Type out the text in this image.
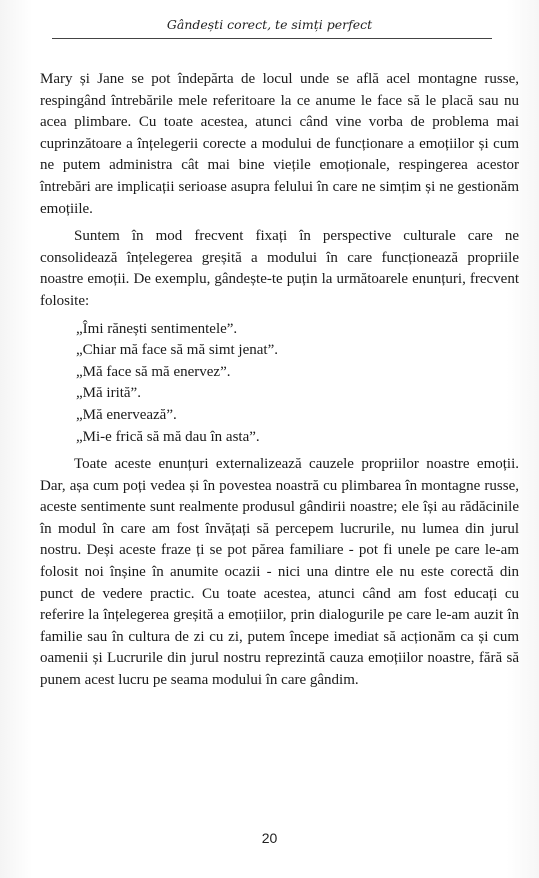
Gândești corect, te simți perfect

Mary și Jane se pot îndepărta de locul unde se află acel montagne russe, respingând întrebările mele referitoare la ce anume le face să le placă sau nu acea plimbare. Cu toate acestea, atunci când vine vorba de problema mai cuprinzătoare a înțelegerii corecte a modului de funcționare a emoțiilor și cum ne putem administra cât mai bine viețile emoționale, respingerea acestor întrebări are implicații serioase asupra felului în care ne simțim și ne gestionăm emoțiile.

Suntem în mod frecvent fixați în perspective culturale care ne consolidează înțelegerea greșită a modului în care funcționează propriile noastre emoții. De exemplu, gândește-te puțin la următoarele enunțuri, frecvent folosite:

„Îmi rănești sentimentele”.
„Chiar mă face să mă simt jenat”.
„Mă face să mă enervez”.
„Mă irită”.
„Mă enervează”.
„Mi-e frică să mă dau în asta”.

Toate aceste enunțuri externalizează cauzele propriilor noastre emoții. Dar, așa cum poți vedea și în povestea noastră cu plimbarea în montagne russe, aceste sentimente sunt realmente produsul gândirii noastre; ele își au rădăcinile în modul în care am fost învățați să percepem lucrurile, nu lumea din jurul nostru. Deși aceste fraze ți se pot părea familiare - pot fi unele pe care le-am folosit noi înșine în anumite ocazii - nici una dintre ele nu este corectă din punct de vedere practic. Cu toate acestea, atunci când am fost educați cu referire la înțelegerea greșită a emoțiilor, prin dialogurile pe care le-am auzit în familie sau în cultura de zi cu zi, putem începe imediat să acționăm ca și cum oamenii și Lucrurile din jurul nostru reprezintă cauza emoțiilor noastre, fără să punem acest lucru pe seama modului în care gândim.

20
